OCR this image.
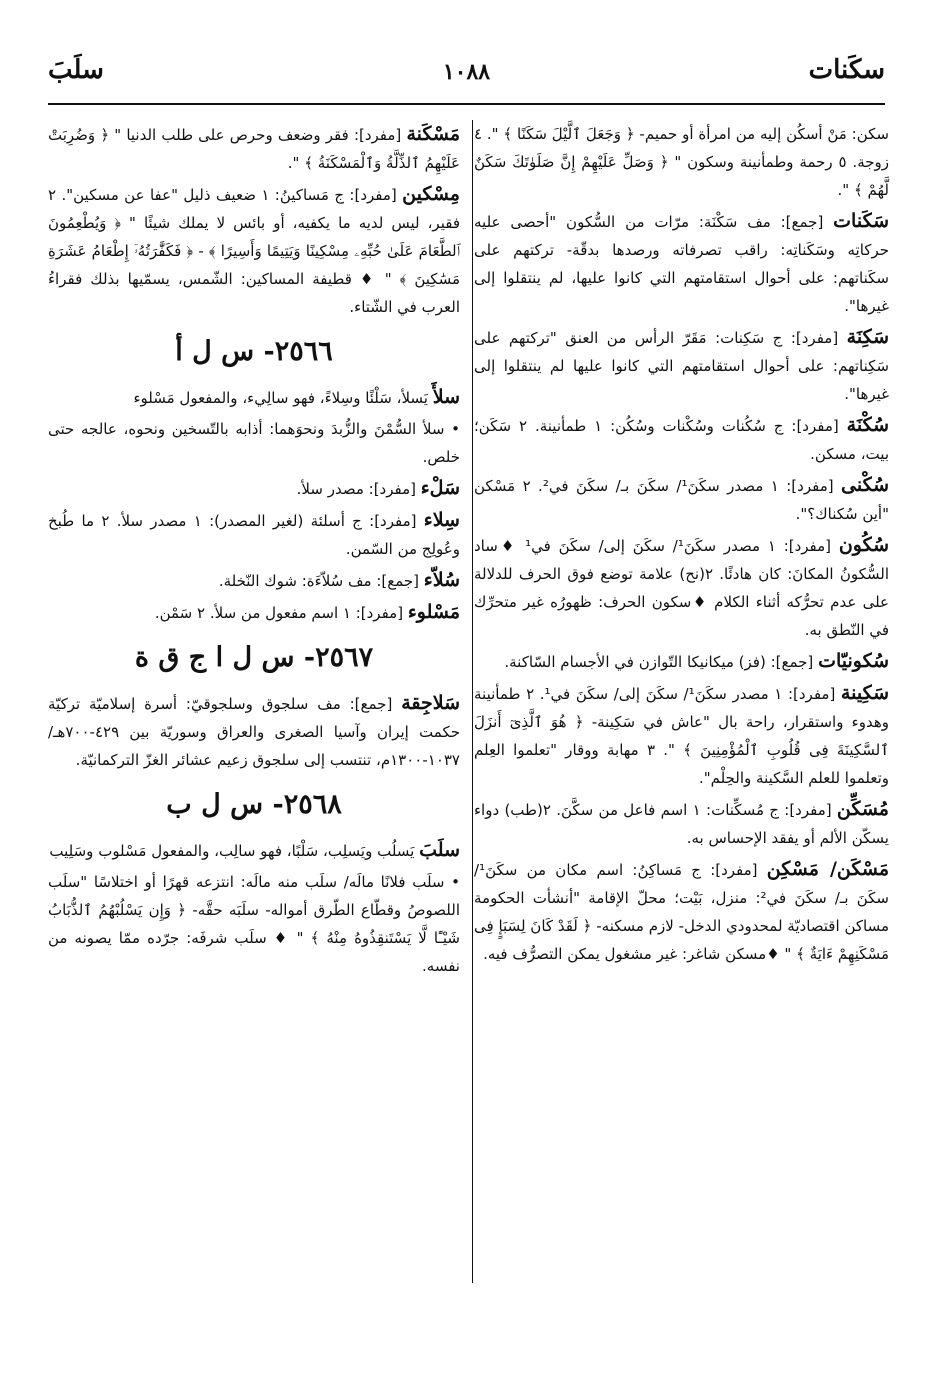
سكَنات
١٠٨٨
سلَبَ
سكن: مَنْ أسكُن إليه من امرأة أو حميم- ﴿ وَجَعَلَ ٱلَّيْلَ سَكَنًا ﴾ ". ٤ زوجة. ٥ رحمة وطمأنينة وسكون " ﴿ وَصَلِّ عَلَيْهِمْ إِنَّ صَلَوٰتَكَ سَكَنٌ لَّهُمْ ﴾ ".
سَكَنات [جمع]: مف سَكْنَة: مرّات من السُّكون "أحصى عليه حركاتِه وسَكَناتِه: راقب تصرفاته ورصدها بدقّة- تركتهم على سكَناتهم: على أحوال استقامتهم التي كانوا عليها، لم ينتقلوا إلى غيرها".
سَكِنَة [مفرد]: ج سَكِنات: مَقَرّ الرأس من العنق "تركتهم على سَكِناتهم: على أحوال استقامتهم التي كانوا عليها لم ينتقلوا إلى غيرها".
سُكْنَة [مفرد]: ج سُكُنات وسُكْنات وسُكُن: ١ طمأنينة. ٢ سَكَن؛ بيت، مسكن.
سُكْنى [مفرد]: ١ مصدر سكَنَ¹/ سكَنَ بـ/ سكَنَ في². ٢ مَسْكن "أين سُكناك؟".
سُكُون [مفرد]: ١ مصدر سكَنَ¹/ سكَنَ إلى/ سكَنَ في¹ ♦ساد السُّكونُ المكانَ: كان هادئًا. ٢(نح) علامة توضع فوق الحرف للدلالة على عدم تحرُّكه أثناء الكلام ♦سكون الحرف: ظهورُه غير متحرِّك في النّطق به.
سُكونيّات [جمع]: (فز) ميكانيكا التّوازن في الأجسام السّاكنة.
سَكِينة [مفرد]: ١ مصدر سكَنَ¹/ سكَنَ إلى/ سكَنَ في¹. ٢ طمأنينة وهدوء واستقرار، راحة بال "عاش في سَكِينة- ﴿ هُوَ ٱلَّذِىٓ أَنزَلَ ٱلسَّكِينَةَ فِى قُلُوبِ ٱلْمُؤْمِنِينَ ﴾ ". ٣ مهابة ووقار "تعلموا العِلم وتعلموا للعلم السَّكينة والحِلْم".
مُسَكِّن [مفرد]: ج مُسكِّنات: ١ اسم فاعل من سكَّنَ. ٢(طب) دواء يسكّن الألم أو يفقد الإحساس به.
مَسْكَن/ مَسْكِن [مفرد]: ج مَساكِنُ: اسم مكان من سكَنَ¹/ سكَنَ بـ/ سكَنَ في²: منزل، بَيْت؛ محلّ الإقامة "أنشأت الحكومة مساكن اقتصاديّة لمحدودي الدخل- لازم مسكنه- ﴿ لَقَدْ كَانَ لِسَبَإٍ فِى مَسْكَنِهِمْ ءَايَةٌ ﴾ " ♦مسكن شاغر: غير مشغول يمكن التصرُّف فيه.
مَسْكَنة [مفرد]: فقر وضعف وحرص على طلب الدنيا " ﴿ وَضُرِبَتْ عَلَيْهِمُ ٱلذِّلَّةُ وَٱلْمَسْكَنَةُ ﴾ ".
مِسْكين [مفرد]: ج مَساكينُ: ١ ضعيف ذليل "عفا عن مسكين". ٢ فقير، ليس لديه ما يكفيه، أو بائس لا يملك شيئًا " ﴿ وَيُطْعِمُونَ ٱلطَّعَامَ عَلَىٰ حُبِّهِۦ مِسْكِينًا وَيَتِيمًا وَأَسِيرًا ﴾ - ﴿ فَكَفَّٰرَتُهُۥٓ إِطْعَامُ عَشَرَةِ مَسَٰكِينَ ﴾ " ♦ قطيفة المساكين: الشّمس، يسمّيها بذلك فقراءُ العرب في الشّتاء.
٢٥٦٦- س ل أ
سلأَ يَسلأ، سَلْئًا وسِلاءً، فهو سالِيء، والمفعول مَسْلوء
• سلأ السُّمْنَ والزُّبدَ ونحوَهما: أذابه بالتّسخين ونحوه، عالجه حتى خلص.
سَلْء [مفرد]: مصدر سلأ.
سِلاء [مفرد]: ج أسلئة (لغير المصدر): ١ مصدر سلأ. ٢ ما طُبخ وعُولِج من السّمن.
سُلاّء [جمع]: مف سُلاّءَة: شوك النّخلة.
مَسْلوء [مفرد]: ١ اسم مفعول من سلأ. ٢ سَمْن.
٢٥٦٧- س ل ا ج ق ة
سَلاجِقة [جمع]: مف سلجوق وسلجوقيّ: أسرة إسلاميّة تركيّة حكمت إيران وآسيا الصغرى والعراق وسوريّة بين ٤٢٩-٧٠٠هـ/ ١٠٣٧-١٣٠٠م، تنتسب إلى سلجوق زعيم عشائر الغزّ التركمانيّة.
٢٥٦٨- س ل ب
سلَبَ يَسلُب ويَسلِب، سَلْبًا، فهو سالِب، والمفعول مَسْلوب وسَلِيب
• سلَب فلانًا مالَه/ سلَب منه مالَه: انتزعه قهرًا أو اختلاسًا "سلَب اللصوصُ وقطّاع الطّرق أمواله- سلَبَه حقَّه- ﴿ وَإِن يَسْلُبْهُمُ ٱلذُّبَابُ شَيْـًٔا لَّا يَسْتَنقِذُوهُ مِنْهُ ﴾ " ♦ سلَب شرفَه: جرّده ممّا يصونه من نفسه.
